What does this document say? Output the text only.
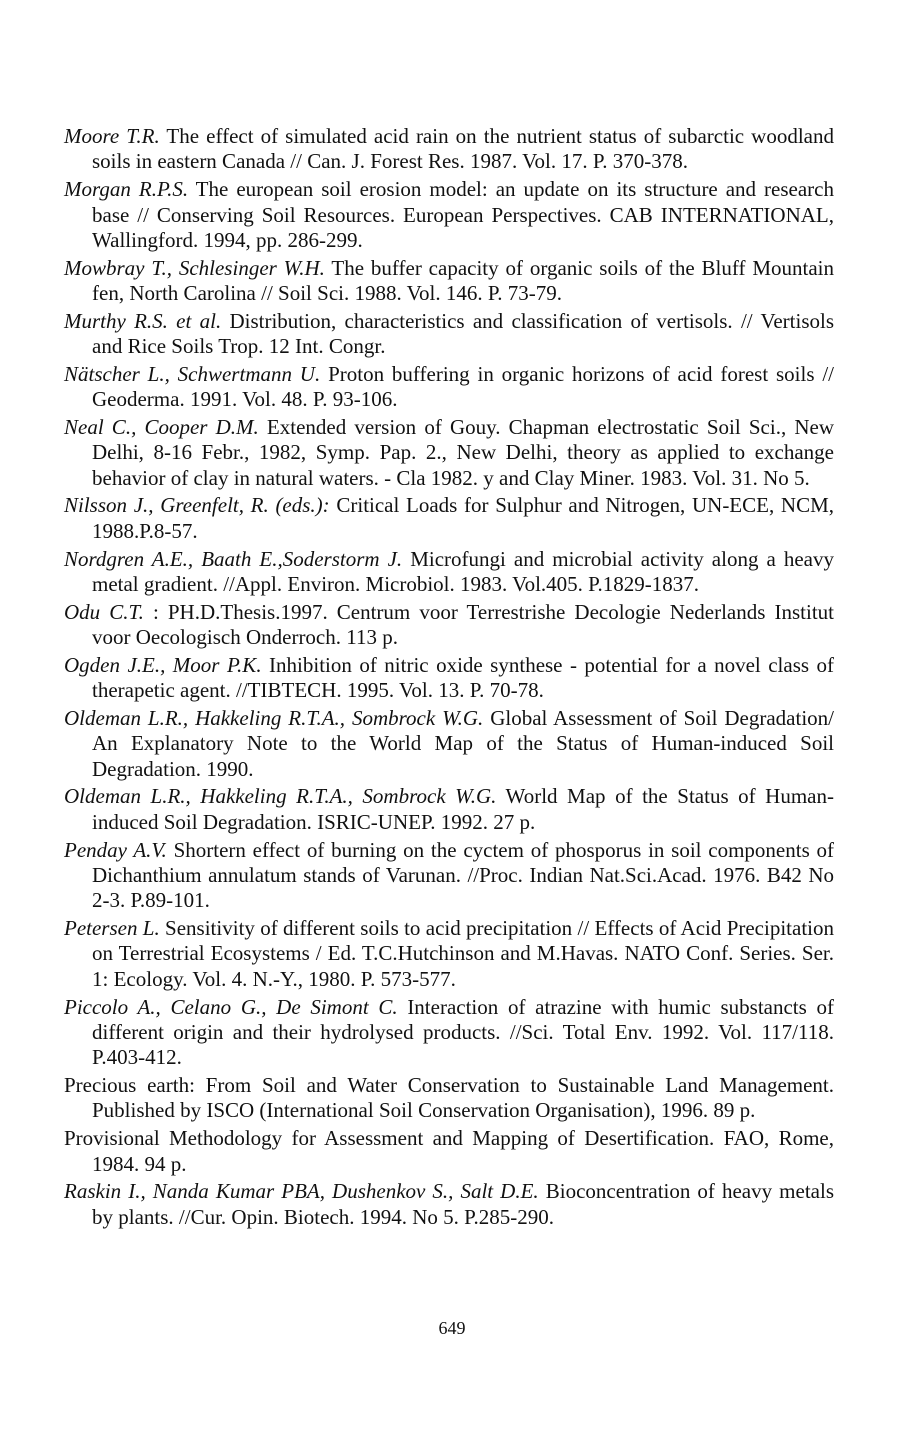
Moore T.R. The effect of simulated acid rain on the nutrient status of subarctic woodland soils in eastern Canada // Can. J. Forest Res. 1987. Vol. 17. P. 370-378.

Morgan R.P.S. The european soil erosion model: an update on its structure and research base // Conserving Soil Resources. European Perspectives. CAB INTERNATIONAL, Wallingford. 1994, pp. 286-299.

Mowbray T., Schlesinger W.H. The buffer capacity of organic soils of the Bluff Mountain fen, North Carolina // Soil Sci. 1988. Vol. 146. P. 73-79.

Murthy R.S. et al. Distribution, characteristics and classification of vertisols. // Vertisols and Rice Soils Trop. 12 Int. Congr.

Nätscher L., Schwertmann U. Proton buffering in organic horizons of acid forest soils // Geoderma. 1991. Vol. 48. P. 93-106.

Neal C., Cooper D.M. Extended version of Gouy. Chapman electrostatic Soil Sci., New Delhi, 8-16 Febr., 1982, Symp. Pap. 2., New Delhi, theory as applied to exchange behavior of clay in natural waters. - Cla 1982. y and Clay Miner. 1983. Vol. 31. No 5.

Nilsson J., Greenfelt, R. (eds.): Critical Loads for Sulphur and Nitrogen, UN-ECE, NCM, 1988.P.8-57.

Nordgren A.E., Baath E.,Soderstorm J. Microfungi and microbial activity along a heavy metal gradient. //Appl. Environ. Microbiol. 1983. Vol.405. P.1829-1837.

Odu C.T. : PH.D.Thesis.1997. Centrum voor Terrestrishe Decologie Nederlands Institut voor Oecologisch Onderroch. 113 p.

Ogden J.E., Moor P.K. Inhibition of nitric oxide synthese - potential for a novel class of therapetic agent. //TIBTECH. 1995. Vol. 13. P. 70-78.

Oldeman L.R., Hakkeling R.T.A., Sombrock W.G. Global Assessment of Soil Degradation/ An Explanatory Note to the World Map of the Status of Human-induced Soil Degradation. 1990.

Oldeman L.R., Hakkeling R.T.A., Sombrock W.G. World Map of the Status of Human-induced Soil Degradation. ISRIC-UNEP. 1992. 27 p.

Penday A.V. Shortern effect of burning on the cyctem of phosporus in soil components of Dichanthium annulatum stands of Varunan. //Proc. Indian Nat.Sci.Acad. 1976. B42 No 2-3. P.89-101.

Petersen L. Sensitivity of different soils to acid precipitation // Effects of Acid Precipitation on Terrestrial Ecosystems / Ed. T.C.Hutchinson and M.Havas. NATO Conf. Series. Ser. 1: Ecology. Vol. 4. N.-Y., 1980. P. 573-577.

Piccolo A., Celano G., De Simont C. Interaction of atrazine with humic substancts of different origin and their hydrolysed products. //Sci. Total Env. 1992. Vol. 117/118. P.403-412.

Precious earth: From Soil and Water Conservation to Sustainable Land Management. Published by ISCO (International Soil Conservation Organisation), 1996. 89 p.

Provisional Methodology for Assessment and Mapping of Desertification. FAO, Rome, 1984. 94 p.

Raskin I., Nanda Kumar PBA, Dushenkov S., Salt D.E. Bioconcentration of heavy metals by plants. //Cur. Opin. Biotech. 1994. No 5. P.285-290.

649
